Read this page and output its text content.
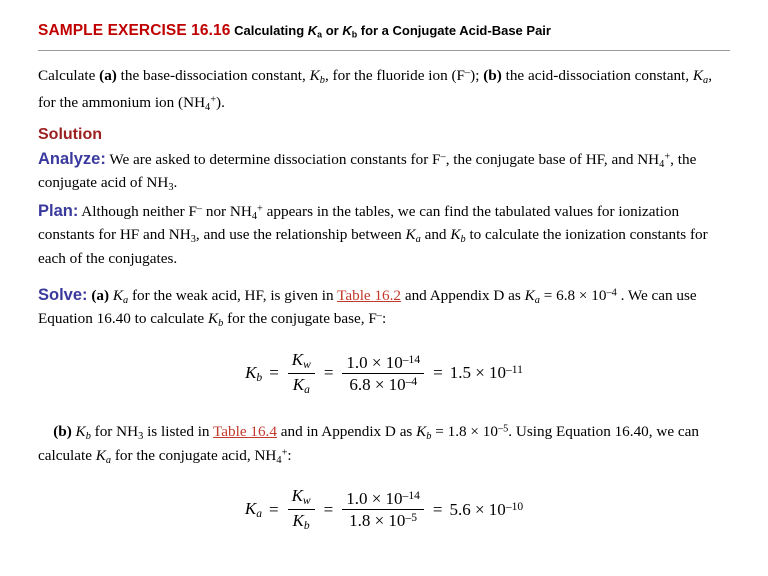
SAMPLE EXERCISE 16.16 Calculating $K_a$ or $K_b$ for a Conjugate Acid-Base Pair
Calculate (a) the base-dissociation constant, $K_b$, for the fluoride ion (F–); (b) the acid-dissociation constant, $K_a$,
for the ammonium ion $(NH_4^+)$.
Solution
Analyze: We are asked to determine dissociation constants for F–, the conjugate base of HF, and $NH_4^+$, the conjugate acid of $NH_3$.
Plan: Although neither F– nor $NH_4^+$ appears in the tables, we can find the tabulated values for ionization constants for HF and $NH_3$, and use the relationship between $K_a$ and $K_b$ to calculate the ionization constants for each of the conjugates.
Solve: (a) $K_a$ for the weak acid, HF, is given in Table 16.2 and Appendix D as $K_a = 6.8 \times 10^{-4}$ . We can use Equation 16.40 to calculate $K_b$ for the conjugate base, F–:
$K_b = \frac{K_w}{K_a} = \frac{1.0 \times 10^{-14}}{6.8 \times 10^{-4}} = 1.5 \times 10^{-11}$
(b) $K_b$ for $NH_3$ is listed in Table 16.4 and in Appendix D as $K_b = 1.8 \times 10^{-5}$. Using Equation 16.40, we can calculate $K_a$ for the conjugate acid, $NH_4^+$:
$K_a = \frac{K_w}{K_b} = \frac{1.0 \times 10^{-14}}{1.8 \times 10^{-5}} = 5.6 \times 10^{-10}$
